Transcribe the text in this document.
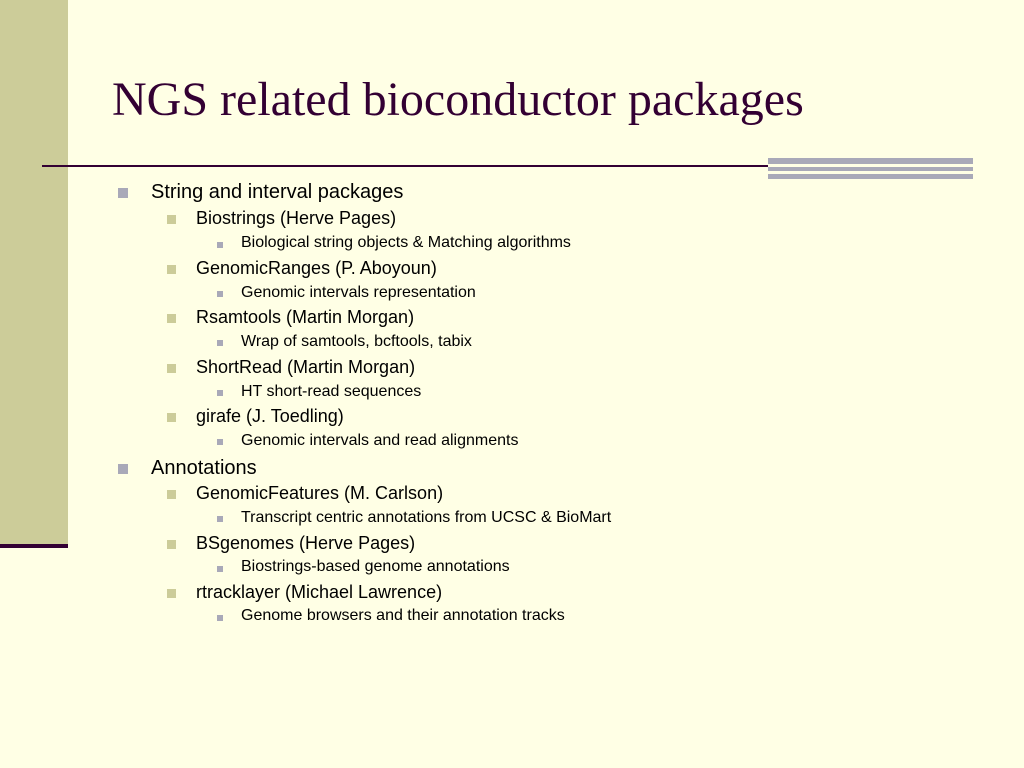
NGS related bioconductor packages
String and interval packages
Biostrings (Herve Pages)
Biological string objects & Matching algorithms
GenomicRanges (P. Aboyoun)
Genomic intervals representation
Rsamtools (Martin Morgan)
Wrap of samtools, bcftools, tabix
ShortRead (Martin Morgan)
HT short-read sequences
girafe (J. Toedling)
Genomic intervals and read alignments
Annotations
GenomicFeatures (M. Carlson)
Transcript centric annotations from UCSC & BioMart
BSgenomes (Herve Pages)
Biostrings-based genome annotations
rtracklayer (Michael Lawrence)
Genome browsers and their annotation tracks
